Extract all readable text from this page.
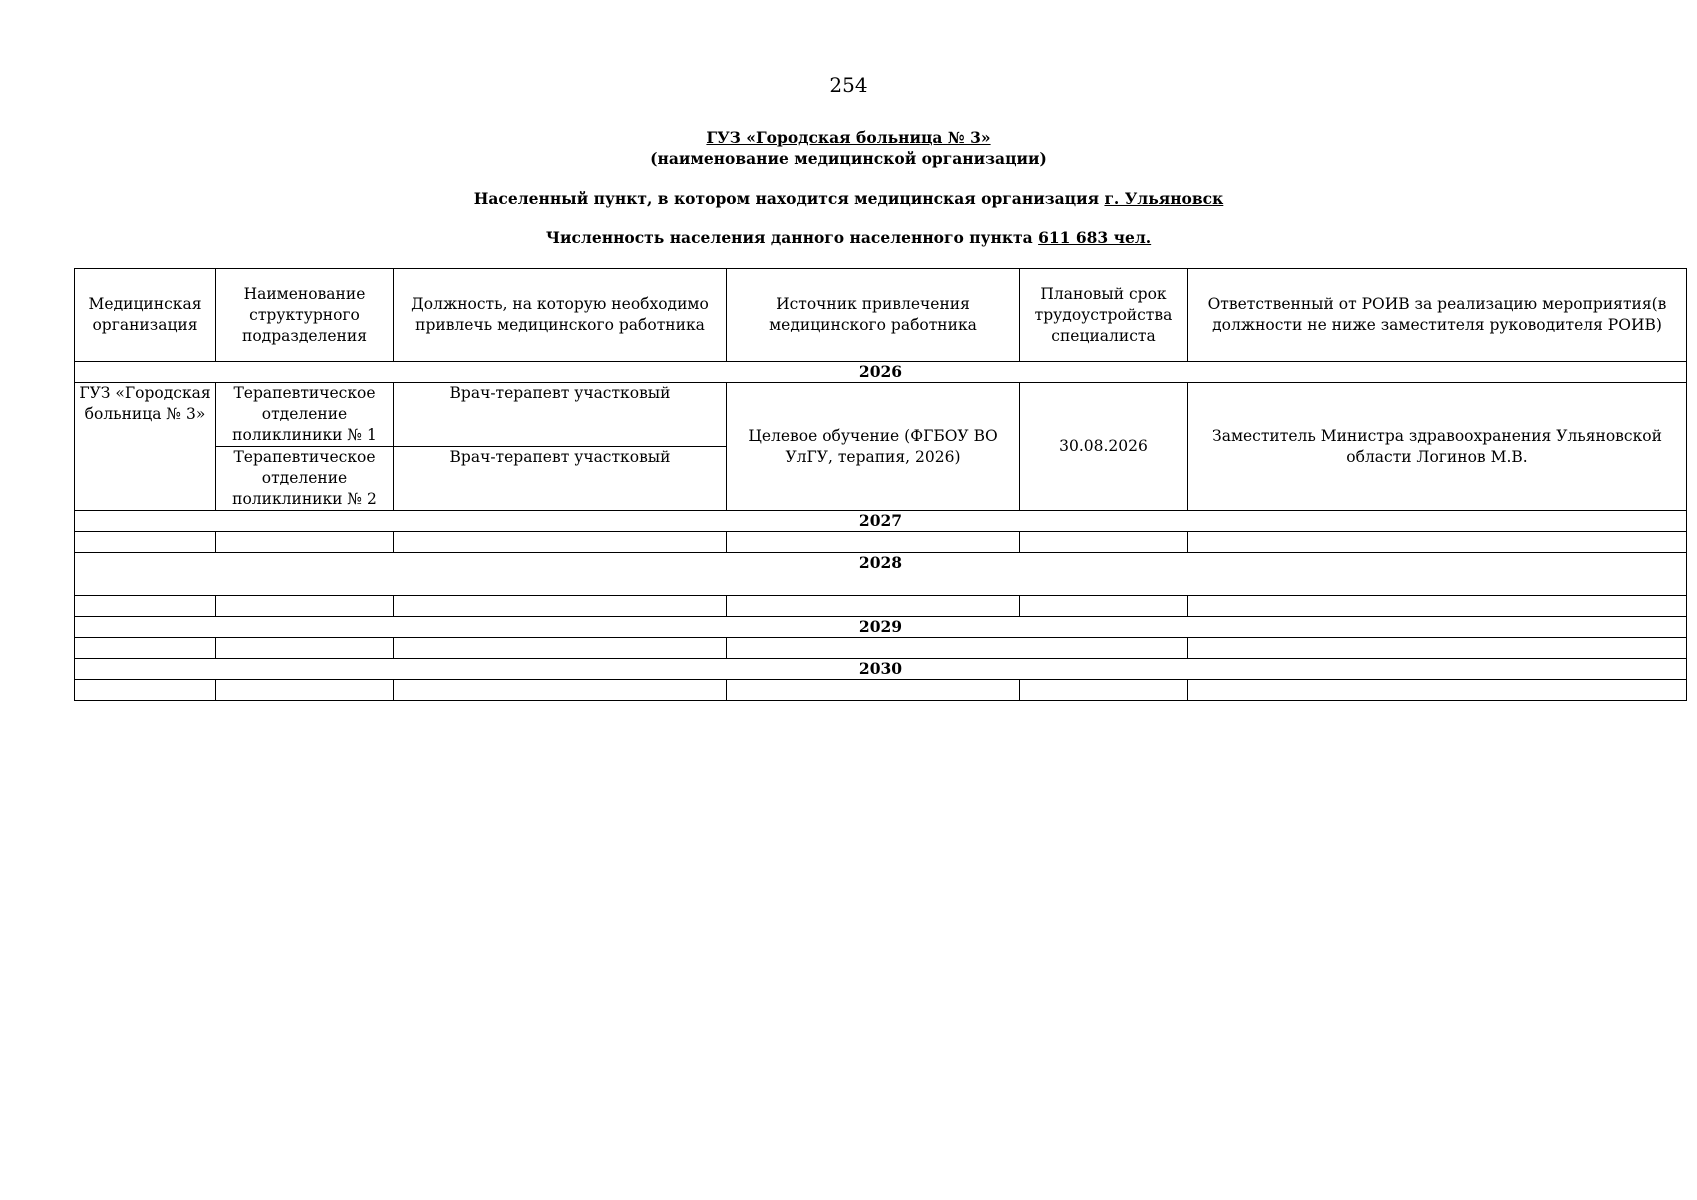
254
ГУЗ «Городская больница № 3»
(наименование медицинской организации)
Населенный пункт, в котором находится медицинская организация г. Ульяновск
Численность населения данного населенного пункта 611 683 чел.
Медицинская организация	Наименование структурного подразделения	Должность, на которую необходимо привлечь медицинского работника	Источник привлечения медицинского работника	Плановый срок трудоустройства специалиста	Ответственный от РОИВ за реализацию мероприятия(в должности не ниже заместителя руководителя РОИВ)
2026					
ГУЗ «Городская больница № 3»	Терапевтическое отделение поликлиники № 1	Врач-терапевт участковый	Целевое обучение (ФГБОУ ВО УлГУ, терапия, 2026)	30.08.2026	Заместитель Министра здравоохранения Ульяновской области Логинов М.В.
	Терапевтическое отделение поликлиники № 2	Врач-терапевт участковый			
2027					

2028					

2029					

2030					
